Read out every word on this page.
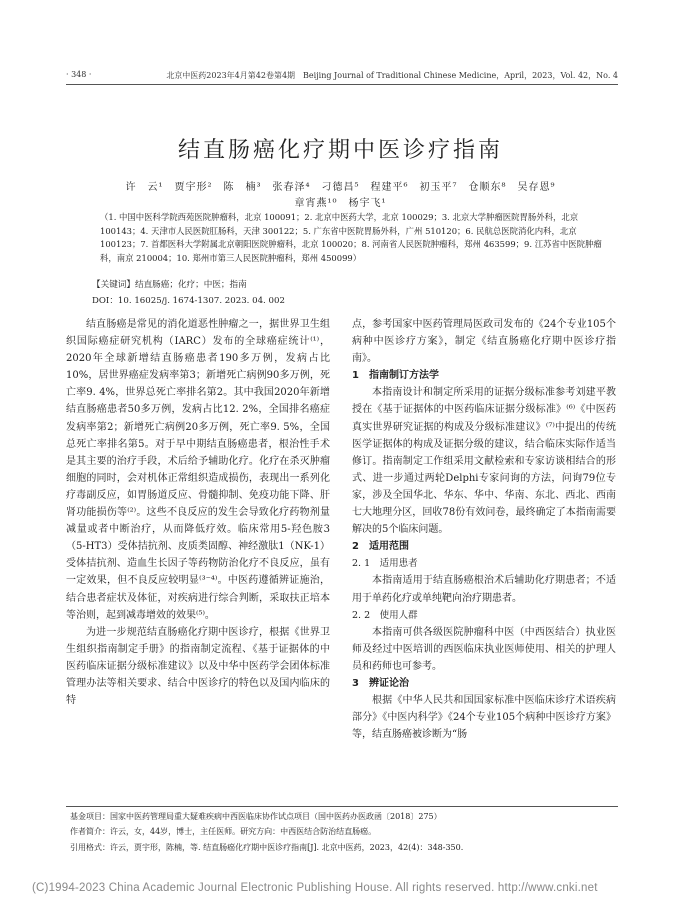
· 348 ·	北京中医药2023年4月第42卷第4期　Beijing Journal of Traditional Chinese Medicine，April，2023，Vol. 42，No. 4
结直肠癌化疗期中医诊疗指南
许　云¹　贾宇形²　陈　楠³　张春泽⁴　刁德昌⁵　程建平⁶　初玉平⁷　仓顺东⁸　吴存恩⁹
章宵燕¹⁰　杨宇飞¹
（1. 中国中医科学院西苑医院肿瘤科，北京 100091；2. 北京中医药大学，北京 100029；3. 北京大学肿瘤医院胃肠外科，北京 100143；4. 天津市人民医院肛肠科，天津 300122；5. 广东省中医院胃肠外科，广州 510120；6. 民航总医院消化内科，北京 100123；7. 首都医科大学附属北京朝阳医院肿瘤科，北京 100020；8. 河南省人民医院肿瘤科，郑州 463599；9. 江苏省中医院肿瘤科，南京 210004；10. 郑州市第三人民医院肿瘤科，郑州 450099）
【关键词】结直肠癌；化疗；中医；指南
DOI：10. 16025/j. 1674-1307. 2023. 04. 002

结直肠癌是常见的消化道恶性肿瘤之一，据世界卫生组织国际癌症研究机构（IARC）发布的全球癌症统计⁽¹⁾，2020年全球新增结直肠癌患者190多万例，发病占比10%，居世界癌症发病率第3；新增死亡病例90多万例，死亡率9. 4%，世界总死亡率排名第2。其中我国2020年新增结直肠癌患者50多万例，发病占比12. 2%，全国排名癌症发病率第2；新增死亡病例20多万例，死亡率9. 5%，全国总死亡率排名第5。对于早中期结直肠癌患者，根治性手术是其主要的治疗手段，术后给予辅助化疗。化疗在杀灭肿瘤细胞的同时，会对机体正常组织造成损伤，表现出一系列化疗毒副反应，如胃肠道反应、骨髓抑制、免疫功能下降、肝肾功能损伤等⁽²⁾。这些不良反应的发生会导致化疗药物剂量减量或者中断治疗，从而降低疗效。临床常用5-羟色胺3（5-HT3）受体拮抗剂、皮质类固醇、神经激肽1（NK-1）受体拮抗剂、造血生长因子等药物防治化疗不良反应，虽有一定效果，但不良反应较明显⁽³⁻⁴⁾。中医药遵循辨证施治，结合患者症状及体征，对疾病进行综合判断，采取扶正培本等治则，起到减毒增效的效果⁽⁵⁾。

为进一步规范结直肠癌化疗期中医诊疗，根据《世界卫生组织指南制定手册》的指南制定流程、《基于证据体的中医药临床证据分级标准建议》以及中华中医药学会团体标准管理办法等相关要求、结合中医诊疗的特色以及国内临床的特

点，参考国家中医药管理局医政司发布的《24个专业105个病种中医诊疗方案》，制定《结直肠癌化疗期中医诊疗指南》。

1　指南制订方法学

本指南设计和制定所采用的证据分级标准参考刘建平教授在《基于证据体的中医药临床证据分级标准》⁽⁶⁾《中医药真实世界研究证据的构成及分级标准建议》⁽⁷⁾中提出的传统医学证据体的构成及证据分级的建议，结合临床实际作适当修订。指南制定工作组采用文献检索和专家访谈相结合的形式、进一步通过两轮Delphi专家问询的方法，问询79位专家，涉及全国华北、华东、华中、华南、东北、西北、西南七大地理分区，回收78份有效问卷，最终确定了本指南需要解决的5个临床问题。

2　适用范围

2. 1　适用患者

本指南适用于结直肠癌根治术后辅助化疗期患者；不适用于单药化疗或单纯靶向治疗期患者。

2. 2　使用人群

本指南可供各级医院肿瘤科中医（中西医结合）执业医师及经过中医培训的西医临床执业医师使用、相关的护理人员和药师也可参考。

3　辨证论治

根据《中华人民共和国国家标准中医临床诊疗术语疾病部分》《中医内科学》《24个专业105个病种中医诊疗方案》等，结直肠癌被诊断为“肠

基金项目：国家中医药管理局重大疑难疾病中西医临床协作试点项目（国中医药办医政函〔2018〕275）
作者简介：许云，女，44岁，博士，主任医师。研究方向：中西医结合防治结直肠癌。
引用格式：许云，贾宇形，陈楠，等. 结直肠癌化疗期中医诊疗指南[J]. 北京中医药，2023，42(4)：348-350.
(C)1994-2023 China Academic Journal Electronic Publishing House. All rights reserved. http://www.cnki.net
